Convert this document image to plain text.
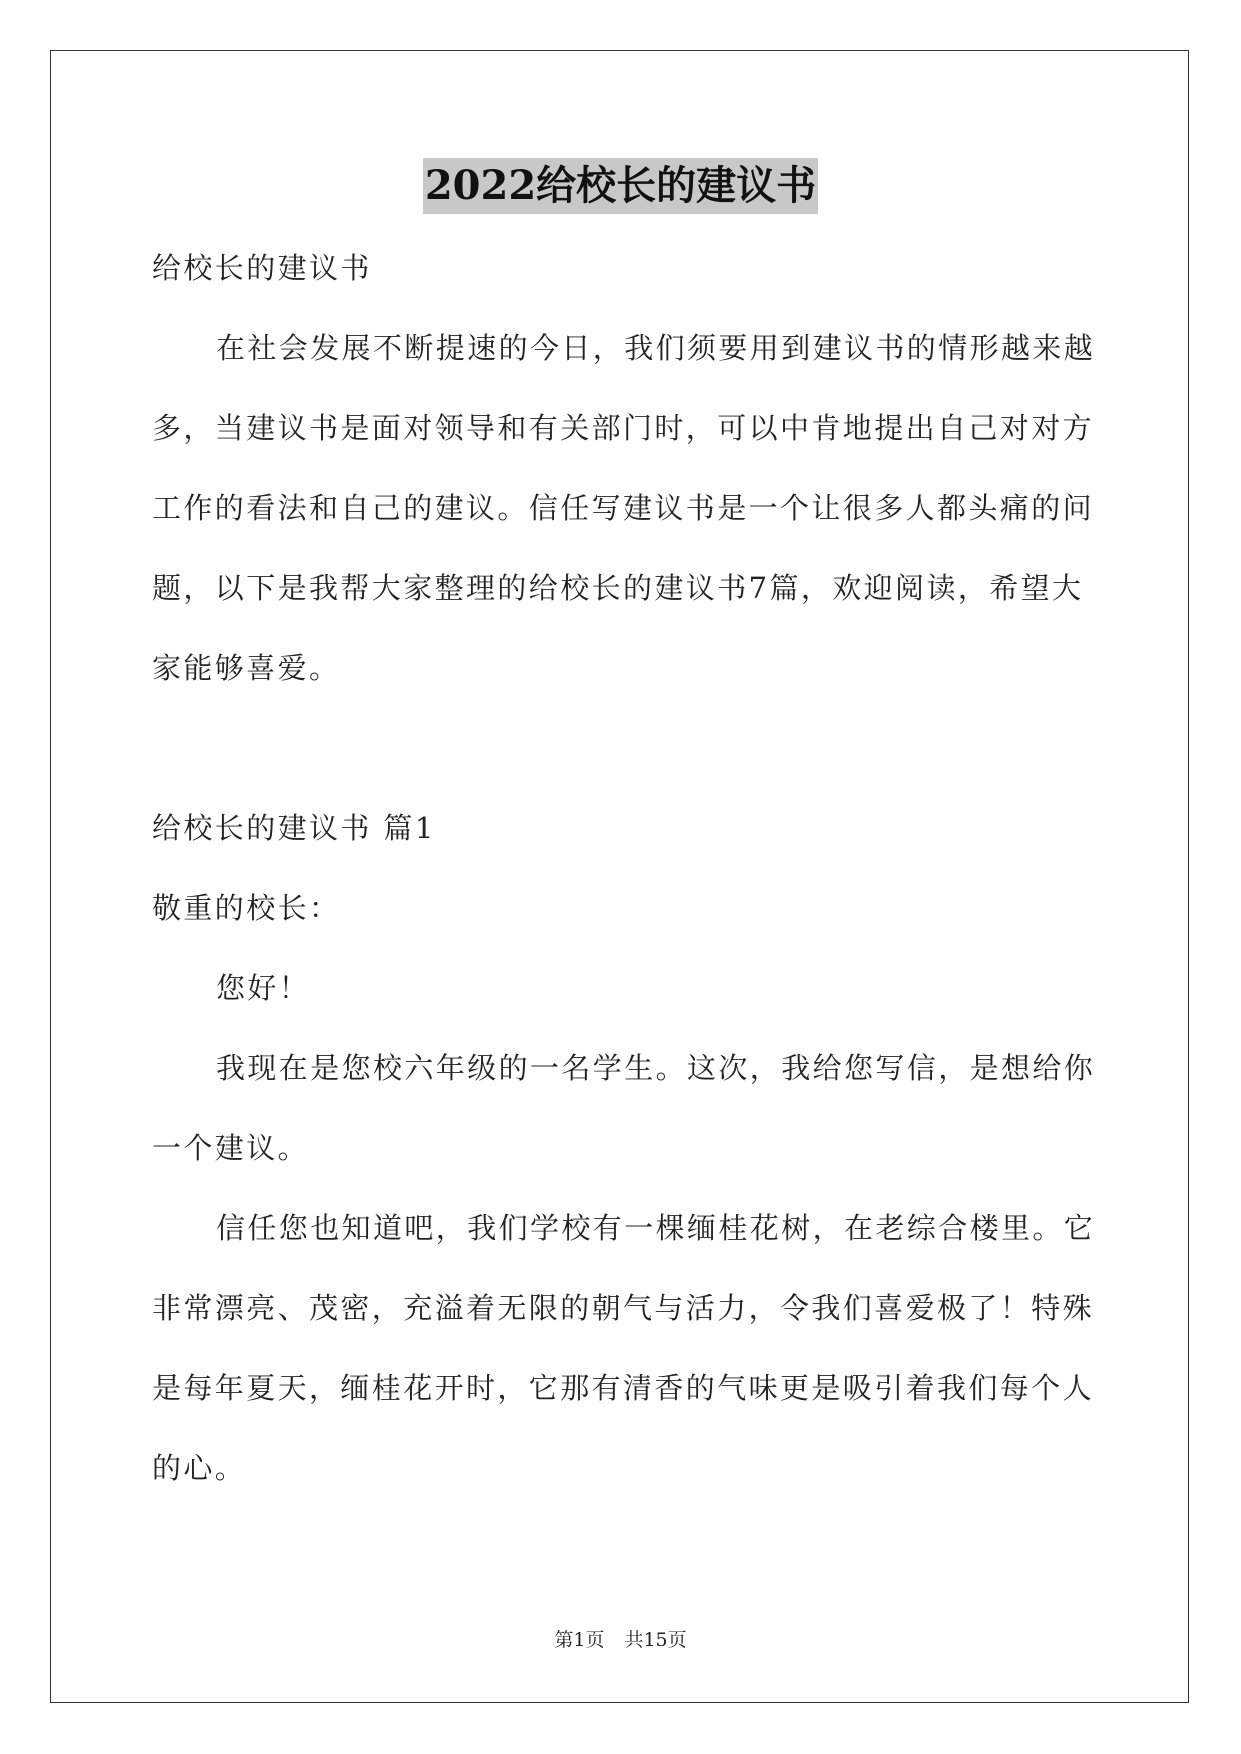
2022给校长的建议书
给校长的建议书
在社会发展不断提速的今日，我们须要用到建议书的情形越来越
多，当建议书是面对领导和有关部门时，可以中肯地提出自己对对方
工作的看法和自己的建议。信任写建议书是一个让很多人都头痛的问
题，以下是我帮大家整理的给校长的建议书7篇，欢迎阅读，希望大
家能够喜爱。
给校长的建议书 篇1
敬重的校长：
您好！
我现在是您校六年级的一名学生。这次，我给您写信，是想给你
一个建议。
信任您也知道吧，我们学校有一棵缅桂花树，在老综合楼里。它
非常漂亮、茂密，充溢着无限的朝气与活力，令我们喜爱极了！特殊
是每年夏天，缅桂花开时，它那有清香的气味更是吸引着我们每个人
的心。
第1页 共15页
